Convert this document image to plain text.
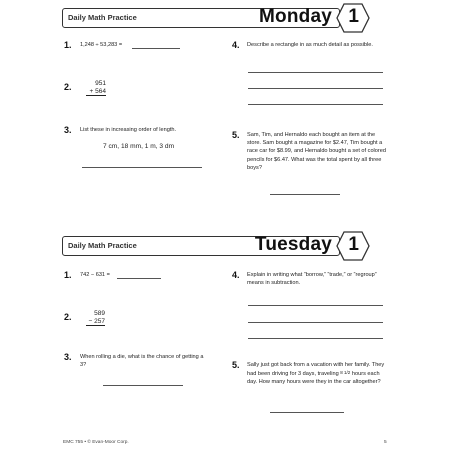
Daily Math Practice	Monday 1
1. 1,248 ÷ 53,283 =
2.	951
+ 564
3. List these in increasing order of length.
7 cm, 18 mm, 1 m, 3 dm
4. Describe a rectangle in as much detail as possible.
5. Sam, Tim, and Hernaldo each bought an item at the store. Sam bought a magazine for $2.47, Tim bought a race car for $8.99, and Hernaldo bought a set of colored pencils for $6.47. What was the total spent by all three boys?
Daily Math Practice	Tuesday 1
1. 742 − 631 =
2.	589
− 257
3. When rolling a die, what is the chance of getting a 3?
4. Explain in writing what “borrow,” “trade,” or “regroup” means in subtraction.
5. Sally just got back from a vacation with her family. They had been driving for 3 days, traveling 8 1/2 hours each day. How many hours were they in the car altogether?
EMC 755 • © Evan-Moor Corp.	5
